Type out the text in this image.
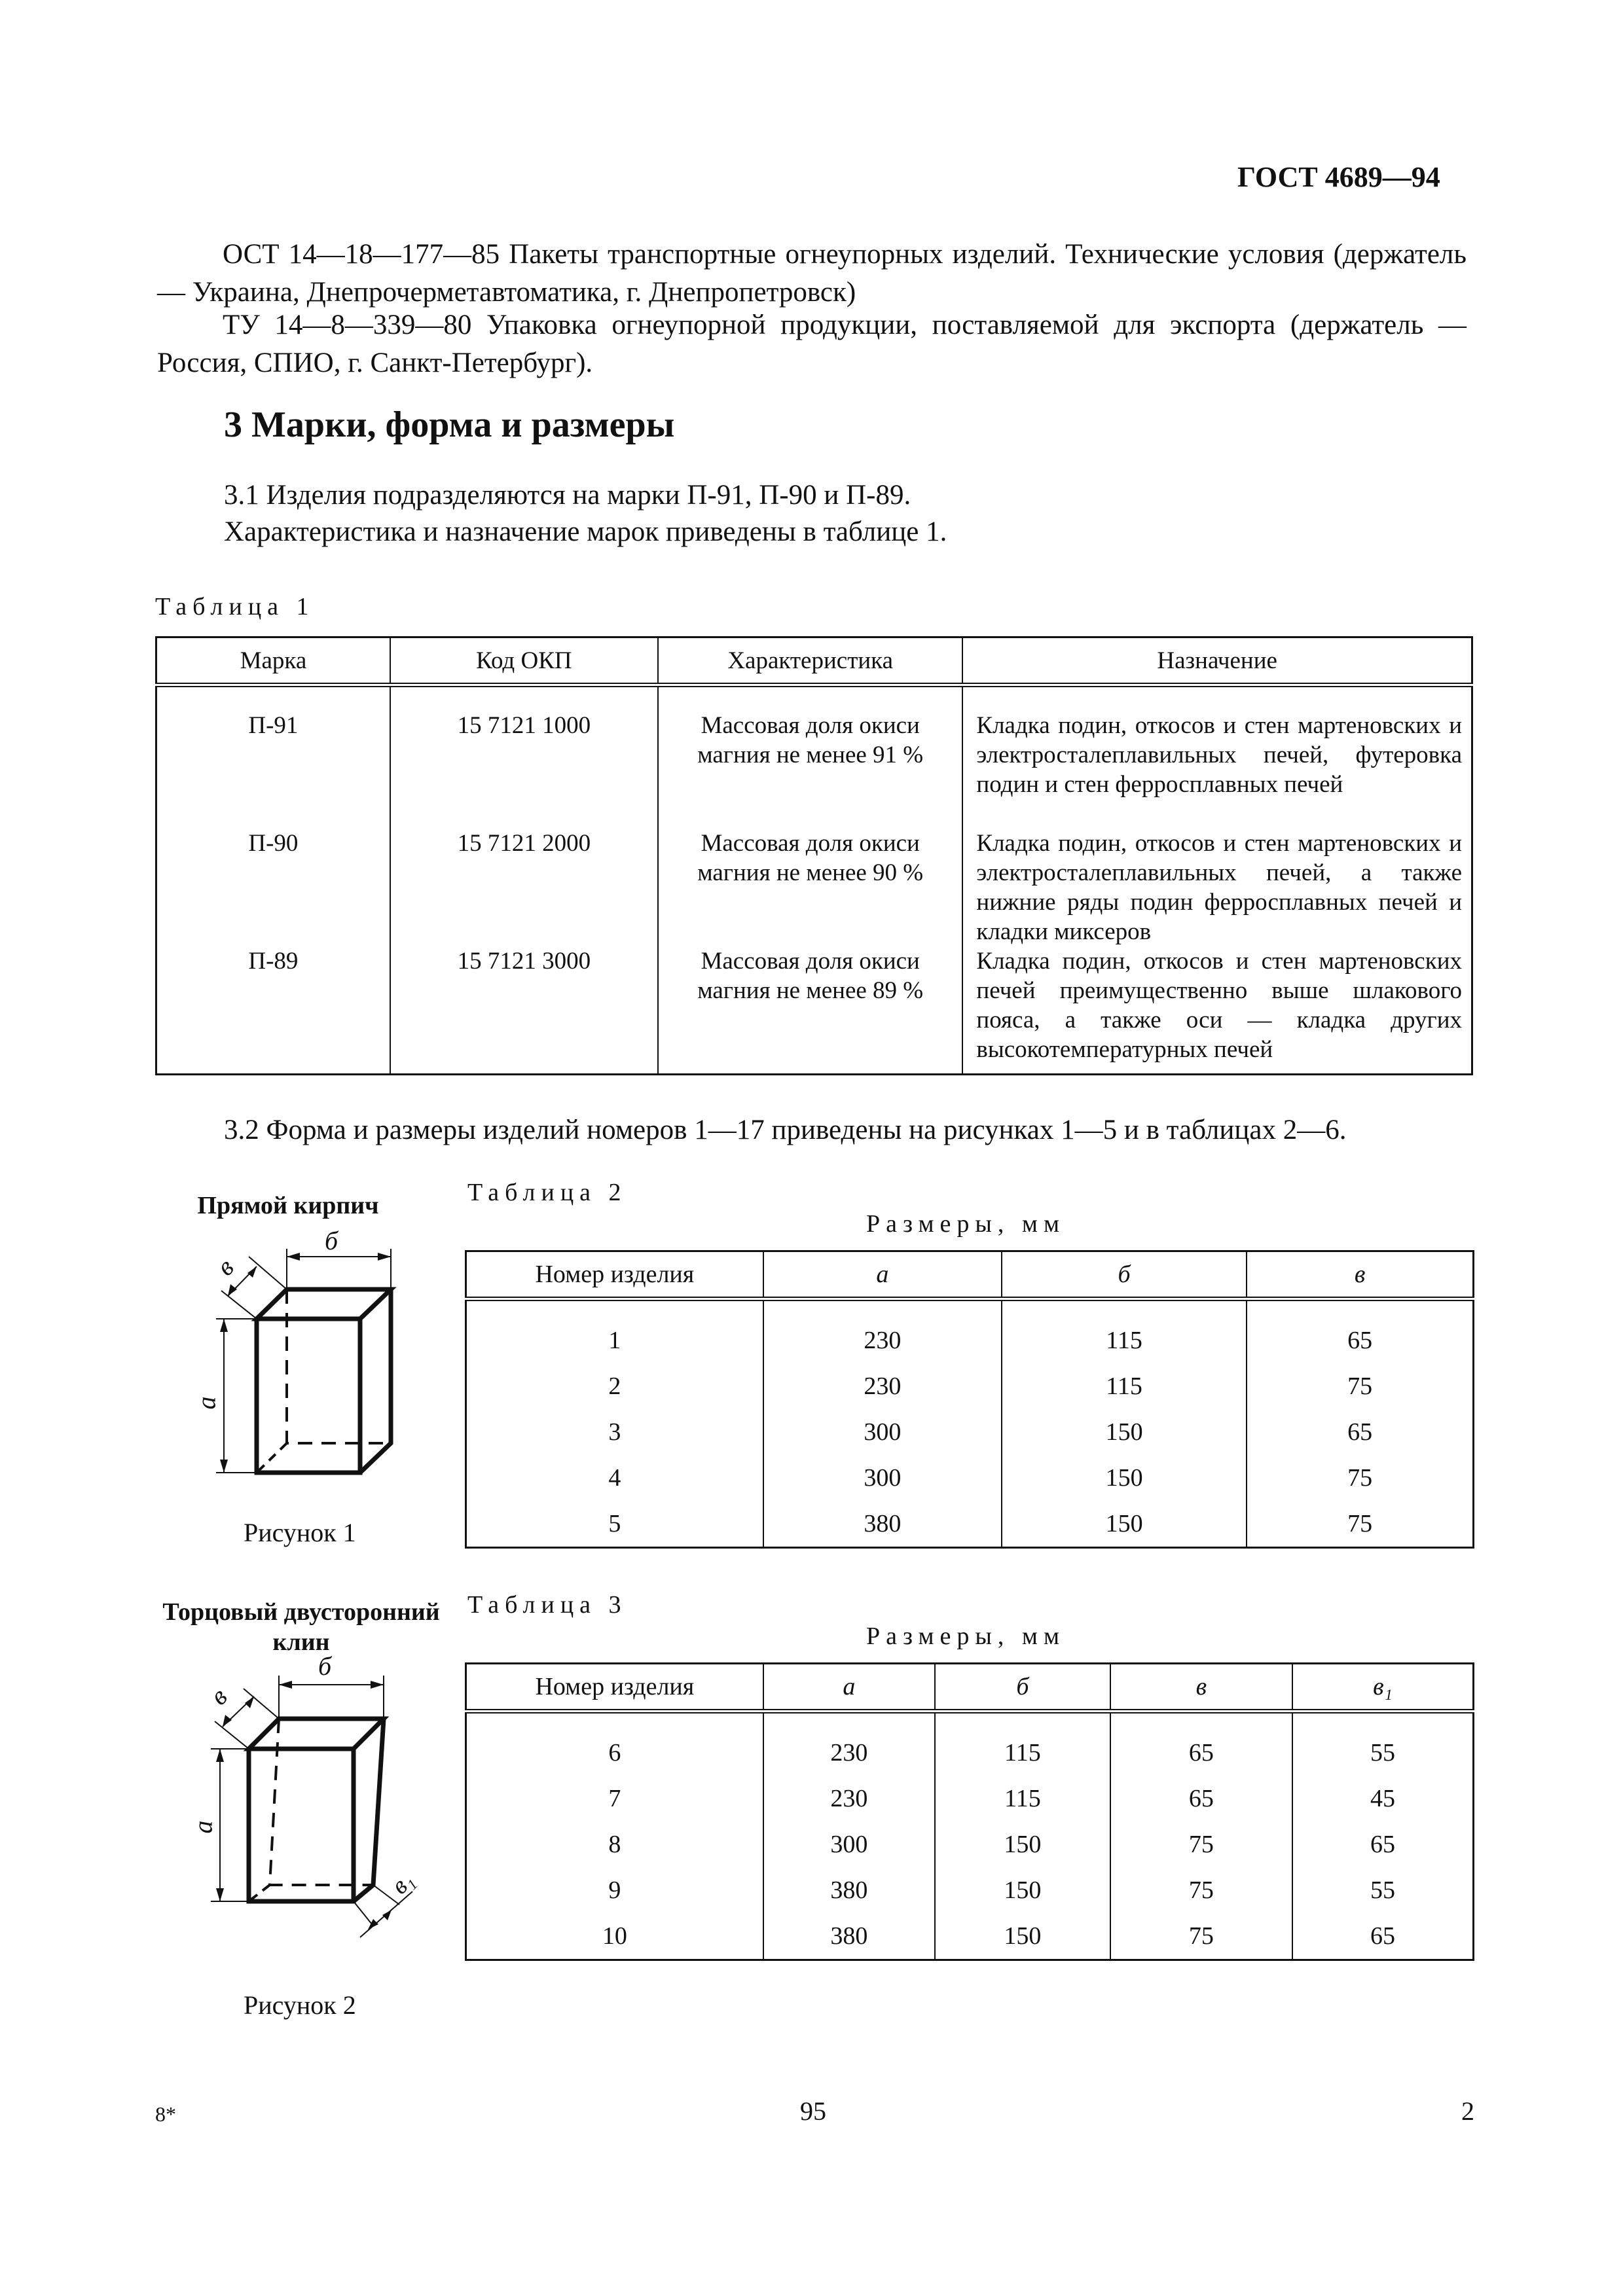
ГОСТ 4689—94
ОСТ 14—18—177—85 Пакеты транспортные огнеупорных изделий. Технические условия (держатель — Украина, Днепрочерметавтоматика, г. Днепропетровск)
ТУ 14—8—339—80 Упаковка огнеупорной продукции, поставляемой для экспорта (держатель — Россия, СПИО, г. Санкт-Петербург).
3 Марки, форма и размеры
3.1 Изделия подразделяются на марки П-91, П-90 и П-89.
Характеристика и назначение марок приведены в таблице 1.
Таблица 1
Марка	Код ОКП	Характеристика	Назначение
П-91	15 7121 1000	Массовая доля окиси магния не менее 91 %	Кладка подин, откосов и стен мартеновских и электросталеплавильных печей, футеровка подин и стен ферросплавных печей
П-90	15 7121 2000	Массовая доля окиси магния не менее 90 %	Кладка подин, откосов и стен мартеновских и электросталеплавильных печей, а также нижние ряды подин ферросплавных печей и кладки миксеров
П-89	15 7121 3000	Массовая доля окиси магния не менее 89 %	Кладка подин, откосов и стен мартеновских печей преимущественно выше шлакового пояса, а также оси — кладка других высокотемпературных печей
3.2 Форма и размеры изделий номеров 1—17 приведены на рисунках 1—5 и в таблицах 2—6.
Прямой кирпич
б
в
а
Рисунок 1
Таблица 2
Размеры, мм
Номер изделия	а	б	в
1	230	115	65
2	230	115	75
3	300	150	65
4	300	150	75
5	380	150	75
Торцовый двусторонний
клин
б
в
а
в₁
Рисунок 2
Таблица 3
Размеры, мм
Номер изделия	а	б	в	в₁
6	230	115	65	55
7	230	115	65	45
8	300	150	75	65
9	380	150	75	55
10	380	150	75	65
8*	95	2
